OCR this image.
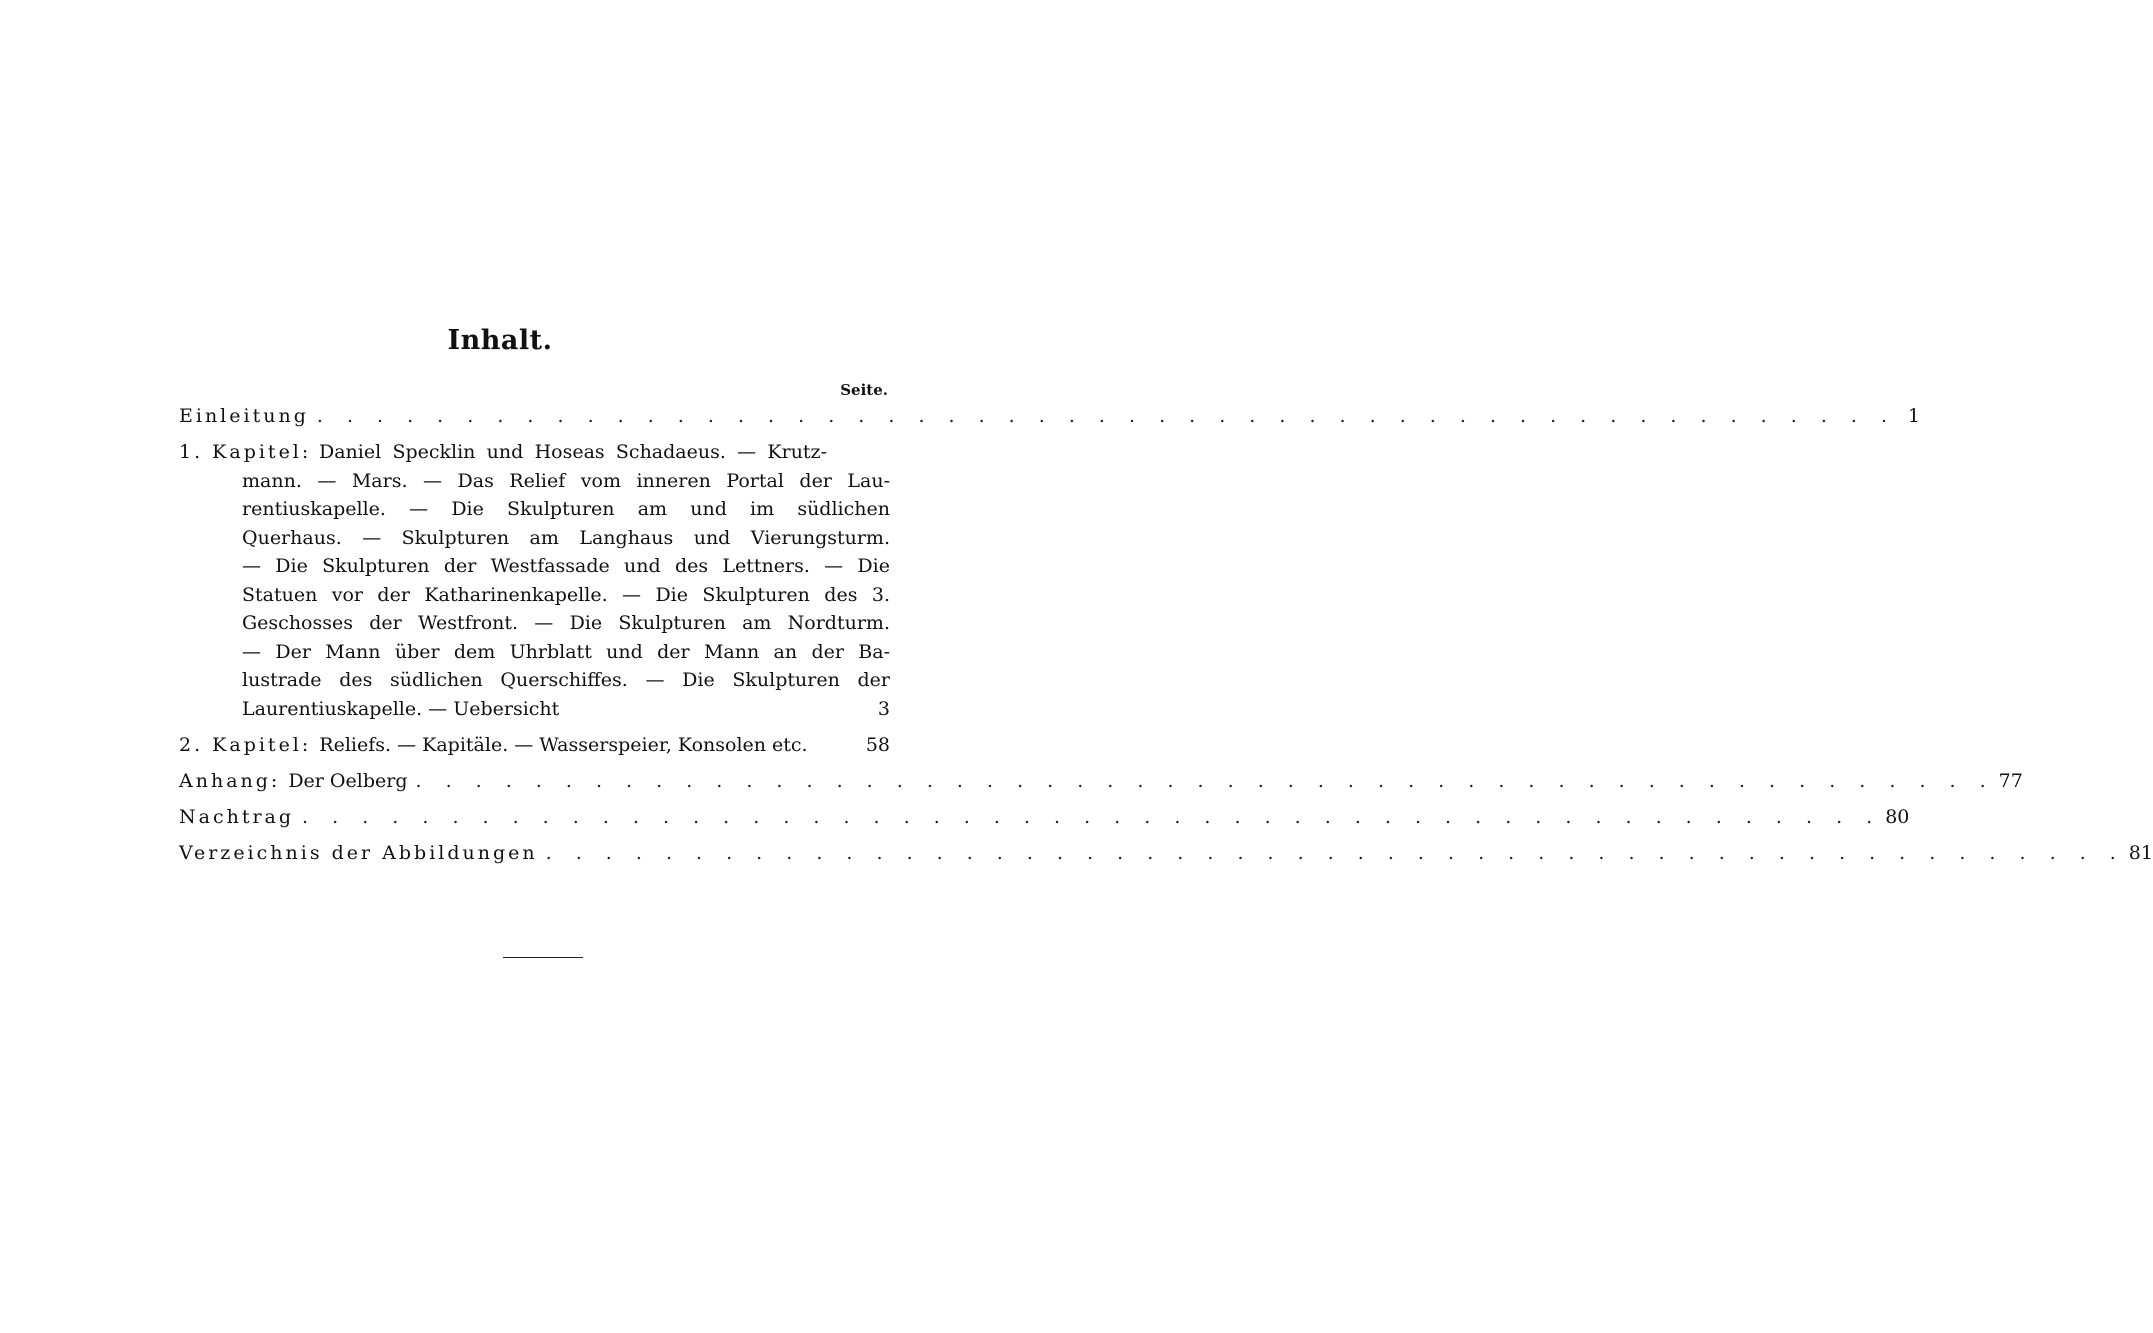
Inhalt.
Seite.
Einleitung . . .	1
1. Kapitel: Daniel Specklin und Hoseas Schadaeus. — Krutz-
mann. — Mars. — Das Relief vom inneren Portal der Lau-
rentiuskapelle. — Die Skulpturen am und im südlichen
Querhaus. — Skulpturen am Langhaus und Vierungsturm.
— Die Skulpturen der Westfassade und des Lettners. — Die
Statuen vor der Katharinenkapelle. — Die Skulpturen des 3.
Geschosses der Westfront. — Die Skulpturen am Nordturm.
— Der Mann über dem Uhrblatt und der Mann an der Ba-
lustrade des südlichen Querschiffes. — Die Skulpturen der
Laurentiuskapelle. — Uebersicht	3
2. Kapitel: Reliefs. — Kapitäle. — Wasserspeier, Konsolen etc.	58
Anhang: Der Oelberg . . .	77
Nachtrag . . .	80
Verzeichnis der Abbildungen . . .	81
